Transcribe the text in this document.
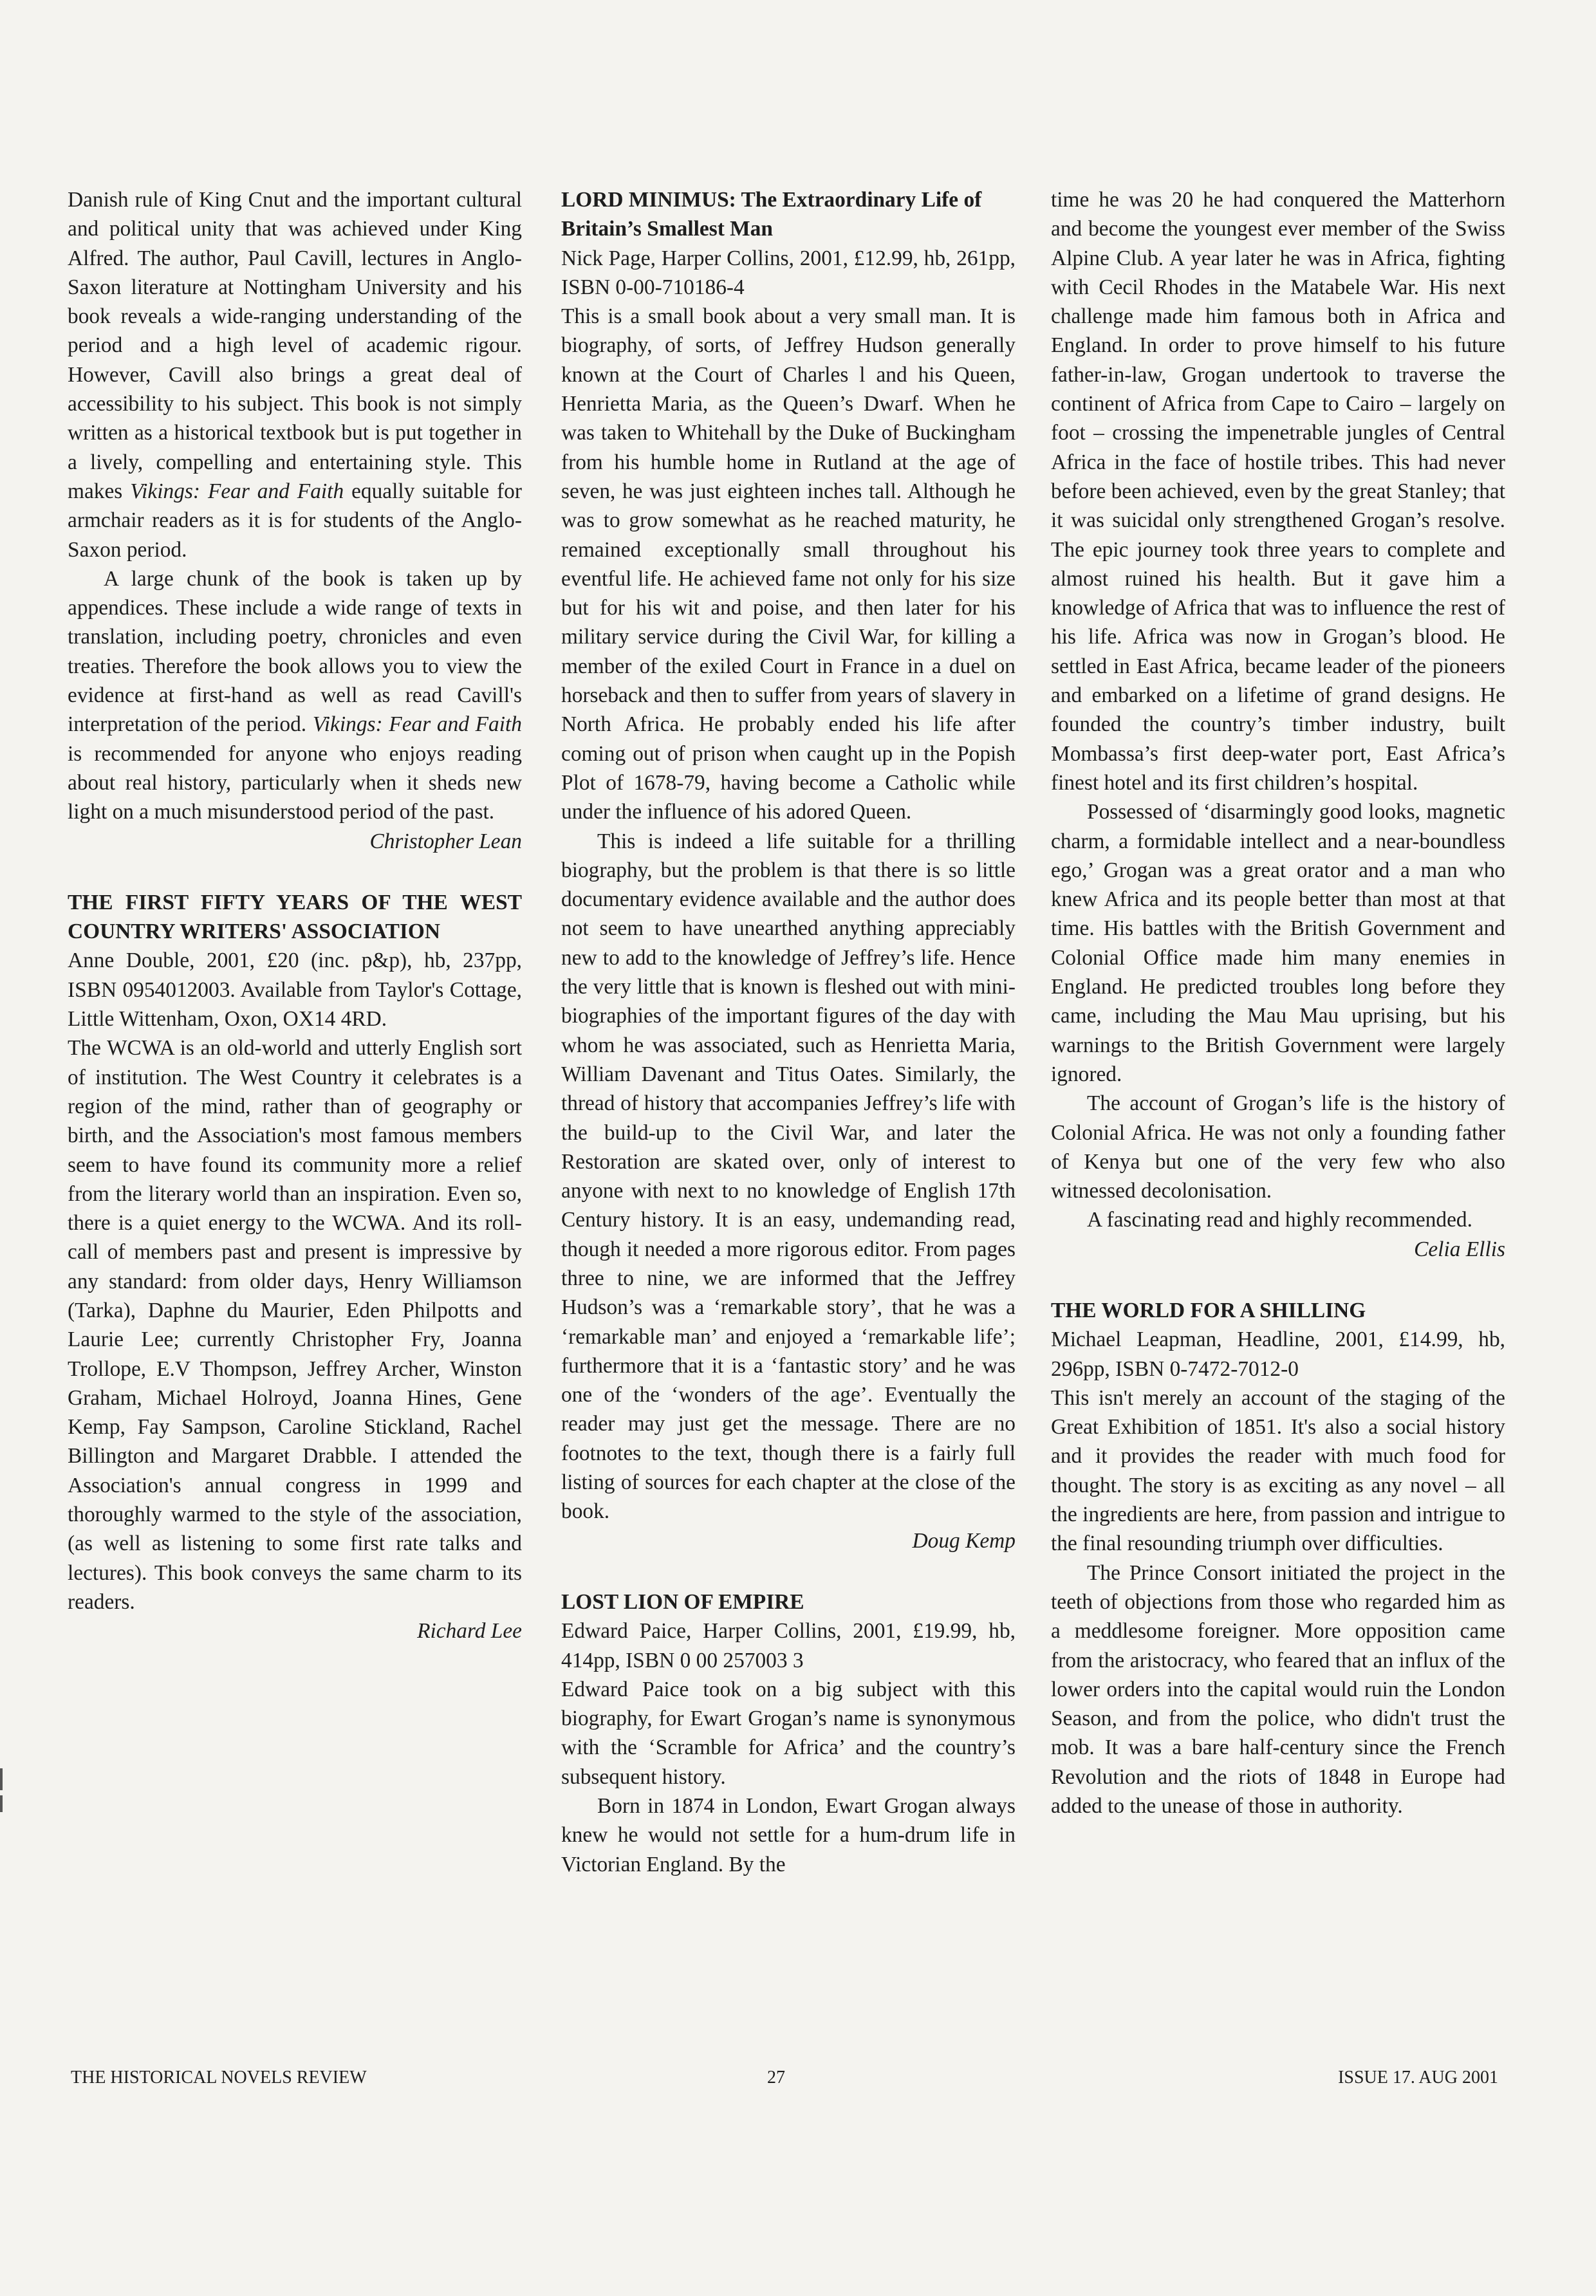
Danish rule of King Cnut and the important cultural and political unity that was achieved under King Alfred. The author, Paul Cavill, lectures in Anglo-Saxon literature at Nottingham University and his book reveals a wide-ranging understanding of the period and a high level of academic rigour. However, Cavill also brings a great deal of accessibility to his subject. This book is not simply written as a historical textbook but is put together in a lively, compelling and entertaining style. This makes Vikings: Fear and Faith equally suitable for armchair readers as it is for students of the Anglo-Saxon period.

A large chunk of the book is taken up by appendices. These include a wide range of texts in translation, including poetry, chronicles and even treaties. Therefore the book allows you to view the evidence at first-hand as well as read Cavill's interpretation of the period. Vikings: Fear and Faith is recommended for anyone who enjoys reading about real history, particularly when it sheds new light on a much misunderstood period of the past.

Christopher Lean

THE FIRST FIFTY YEARS OF THE WEST COUNTRY WRITERS' ASSOCIATION

Anne Double, 2001, £20 (inc. p&p), hb, 237pp, ISBN 0954012003. Available from Taylor's Cottage, Little Wittenham, Oxon, OX14 4RD.

The WCWA is an old-world and utterly English sort of institution. The West Country it celebrates is a region of the mind, rather than of geography or birth, and the Association's most famous members seem to have found its community more a relief from the literary world than an inspiration. Even so, there is a quiet energy to the WCWA. And its roll-call of members past and present is impressive by any standard: from older days, Henry Williamson (Tarka), Daphne du Maurier, Eden Philpotts and Laurie Lee; currently Christopher Fry, Joanna Trollope, E.V Thompson, Jeffrey Archer, Winston Graham, Michael Holroyd, Joanna Hines, Gene Kemp, Fay Sampson, Caroline Stickland, Rachel Billington and Margaret Drabble. I attended the Association's annual congress in 1999 and thoroughly warmed to the style of the association, (as well as listening to some first rate talks and lectures). This book conveys the same charm to its readers.

Richard Lee

LORD MINIMUS: The Extraordinary Life of Britain’s Smallest Man

Nick Page, Harper Collins, 2001, £12.99, hb, 261pp, ISBN 0-00-710186-4

This is a small book about a very small man. It is biography, of sorts, of Jeffrey Hudson generally known at the Court of Charles l and his Queen, Henrietta Maria, as the Queen’s Dwarf. When he was taken to Whitehall by the Duke of Buckingham from his humble home in Rutland at the age of seven, he was just eighteen inches tall. Although he was to grow somewhat as he reached maturity, he remained exceptionally small throughout his eventful life. He achieved fame not only for his size but for his wit and poise, and then later for his military service during the Civil War, for killing a member of the exiled Court in France in a duel on horseback and then to suffer from years of slavery in North Africa. He probably ended his life after coming out of prison when caught up in the Popish Plot of 1678-79, having become a Catholic while under the influence of his adored Queen.

This is indeed a life suitable for a thrilling biography, but the problem is that there is so little documentary evidence available and the author does not seem to have unearthed anything appreciably new to add to the knowledge of Jeffrey’s life. Hence the very little that is known is fleshed out with mini-biographies of the important figures of the day with whom he was associated, such as Henrietta Maria, William Davenant and Titus Oates. Similarly, the thread of history that accompanies Jeffrey’s life with the build-up to the Civil War, and later the Restoration are skated over, only of interest to anyone with next to no knowledge of English 17th Century history. It is an easy, undemanding read, though it needed a more rigorous editor. From pages three to nine, we are informed that the Jeffrey Hudson’s was a ‘remarkable story’, that he was a ‘remarkable man’ and enjoyed a ‘remarkable life’; furthermore that it is a ‘fantastic story’ and he was one of the ‘wonders of the age’. Eventually the reader may just get the message. There are no footnotes to the text, though there is a fairly full listing of sources for each chapter at the close of the book.

Doug Kemp

LOST LION OF EMPIRE

Edward Paice, Harper Collins, 2001, £19.99, hb, 414pp, ISBN 0 00 257003 3

Edward Paice took on a big subject with this biography, for Ewart Grogan’s name is synonymous with the ‘Scramble for Africa’ and the country’s subsequent history.

Born in 1874 in London, Ewart Grogan always knew he would not settle for a hum-drum life in Victorian England. By the

time he was 20 he had conquered the Matterhorn and become the youngest ever member of the Swiss Alpine Club. A year later he was in Africa, fighting with Cecil Rhodes in the Matabele War. His next challenge made him famous both in Africa and England. In order to prove himself to his future father-in-law, Grogan undertook to traverse the continent of Africa from Cape to Cairo – largely on foot – crossing the impenetrable jungles of Central Africa in the face of hostile tribes. This had never before been achieved, even by the great Stanley; that it was suicidal only strengthened Grogan’s resolve. The epic journey took three years to complete and almost ruined his health. But it gave him a knowledge of Africa that was to influence the rest of his life. Africa was now in Grogan’s blood. He settled in East Africa, became leader of the pioneers and embarked on a lifetime of grand designs. He founded the country’s timber industry, built Mombassa’s first deep-water port, East Africa’s finest hotel and its first children’s hospital.

Possessed of ‘disarmingly good looks, magnetic charm, a formidable intellect and a near-boundless ego,’ Grogan was a great orator and a man who knew Africa and its people better than most at that time. His battles with the British Government and Colonial Office made him many enemies in England. He predicted troubles long before they came, including the Mau Mau uprising, but his warnings to the British Government were largely ignored.

The account of Grogan’s life is the history of Colonial Africa. He was not only a founding father of Kenya but one of the very few who also witnessed decolonisation.

A fascinating read and highly recommended.

Celia Ellis

THE WORLD FOR A SHILLING

Michael Leapman, Headline, 2001, £14.99, hb, 296pp, ISBN 0-7472-7012-0

This isn't merely an account of the staging of the Great Exhibition of 1851. It's also a social history and it provides the reader with much food for thought. The story is as exciting as any novel – all the ingredients are here, from passion and intrigue to the final resounding triumph over difficulties.

The Prince Consort initiated the project in the teeth of objections from those who regarded him as a meddlesome foreigner. More opposition came from the aristocracy, who feared that an influx of the lower orders into the capital would ruin the London Season, and from the police, who didn't trust the mob. It was a bare half-century since the French Revolution and the riots of 1848 in Europe had added to the unease of those in authority.

THE HISTORICAL NOVELS REVIEW	27	ISSUE 17. AUG 2001
